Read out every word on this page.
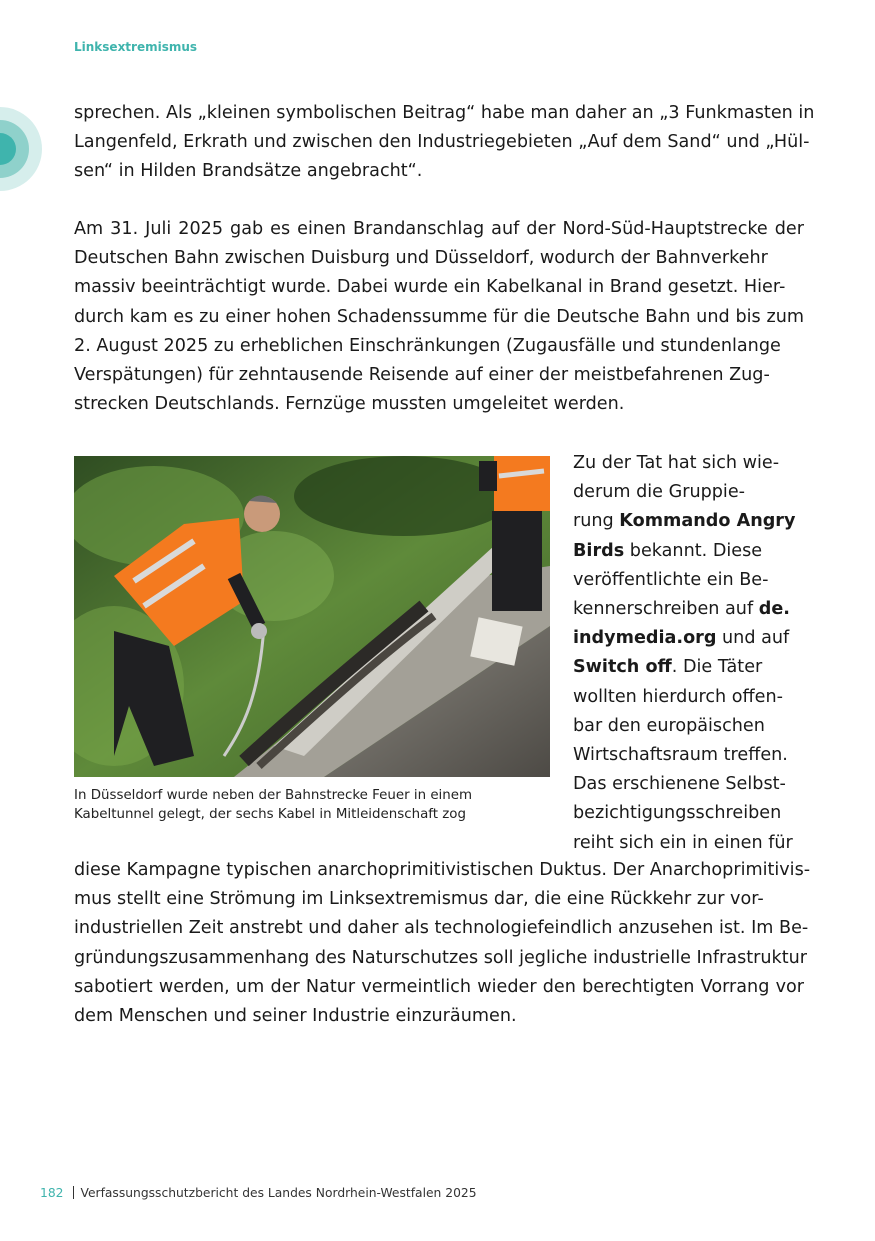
Linksextremismus

sprechen. Als „kleinen symbolischen Beitrag“ habe man daher an „3 Funkmasten in
Langenfeld, Erkrath und zwischen den Industriegebieten „Auf dem Sand“ und „Hül-
sen“ in Hilden Brandsätze angebracht“.

Am 31. Juli 2025 gab es einen Brandanschlag auf der Nord-Süd-Hauptstrecke der
Deutschen Bahn zwischen Duisburg und Düsseldorf, wodurch der Bahnverkehr
massiv beeinträchtigt wurde. Dabei wurde ein Kabelkanal in Brand gesetzt. Hier-
durch kam es zu einer hohen Schadenssumme für die Deutsche Bahn und bis zum
2. August 2025 zu erheblichen Einschränkungen (Zugausfälle und stundenlange
Verspätungen) für zehntausende Reisende auf einer der meistbefahrenen Zug-
strecken Deutschlands. Fernzüge mussten umgeleitet werden.

In Düsseldorf wurde neben der Bahnstrecke Feuer in einem
Kabeltunnel gelegt, der sechs Kabel in Mitleidenschaft zog
Zu der Tat hat sich wie-
derum die Gruppie-
rung Kommando Angry
Birds bekannt. Diese
veröffentlichte ein Be-
kennerschreiben auf de.
indymedia.org und auf
Switch off. Die Täter
wollten hierdurch offen-
bar den europäischen
Wirtschaftsraum treffen.
Das erschienene Selbst-
bezichtigungsschreiben
reiht sich ein in einen für

diese Kampagne typischen anarchoprimitivistischen Duktus. Der Anarchoprimitivis-
mus stellt eine Strömung im Linksextremismus dar, die eine Rückkehr zur vor-
industriellen Zeit anstrebt und daher als technologiefeindlich anzusehen ist. Im Be-
gründungszusammenhang des Naturschutzes soll jegliche industrielle Infrastruktur
sabotiert werden, um der Natur vermeintlich wieder den berechtigten Vorrang vor
dem Menschen und seiner Industrie einzuräumen.

182 Verfassungsschutzbericht des Landes Nordrhein-Westfalen 2025
